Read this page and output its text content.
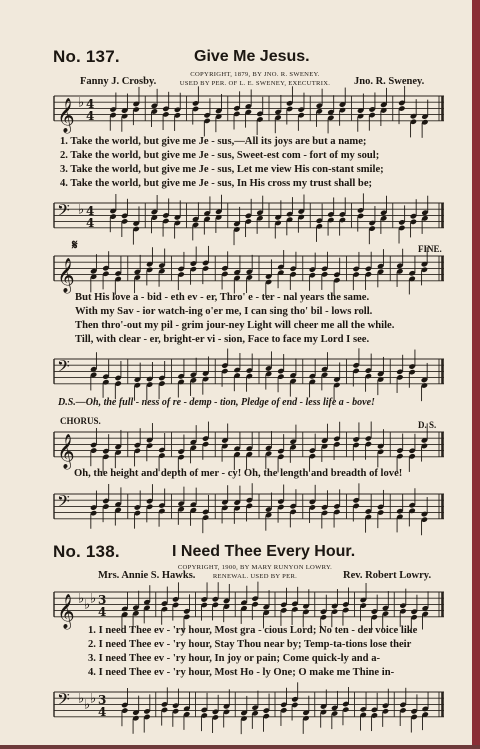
No. 137.	Give Me Jesus.
COPYRIGHT, 1879, BY JNO. R. SWENEY.
Fanny J. Crosby.	USED BY PER. OF L. E. SWENEY, EXECUTRIX.	Jno. R. Sweney.
𝄞 ♭ 4
4
1. Take the world, but give me Je - sus,—All its joys are but a name;
2. Take the world, but give me Je - sus, Sweet-est com - fort of my soul;
3. Take the world, but give me Je - sus, Let me view His con-stant smile;
4. Take the world, but give me Je - sus, In His cross my trust shall be;
𝄢 ♭ 4
4
𝄋	FINE.
𝄞
But His love a - bid - eth ev - er, Thro' e - ter - nal years the same.
With my Sav - ior watch-ing o'er me, I can sing tho' bil - lows roll.
Then thro'-out my pil - grim jour-ney Light will cheer me all the while.
Till, with clear - er, bright-er vi - sion, Face to face my Lord I see.
𝄢
D.S.—Oh, the full - ness of re - demp - tion, Pledge of end - less life a - bove!
CHORUS.	D. S.
𝄞
Oh, the height and depth of mer - cy! Oh, the length and breadth of love!
𝄢
No. 138.	I Need Thee Every Hour.
COPYRIGHT, 1900, BY MARY RUNYON LOWRY.
Mrs. Annie S. Hawks.	RENEWAL. USED BY PER.	Rev. Robert Lowry.
𝄞 ♭ ♭ ♭ 3
4
1. I need Thee ev - 'ry hour, Most gra - cious Lord; No ten - der voice like
2. I need Thee ev - 'ry hour, Stay Thou near by; Temp-ta-tions lose their
3. I need Thee ev - 'ry hour, In joy or pain; Come quick-ly and a-
4. I need Thee ev - 'ry hour, Most Ho - ly One; O make me Thine in-
𝄢 ♭ ♭ ♭ 3
4
